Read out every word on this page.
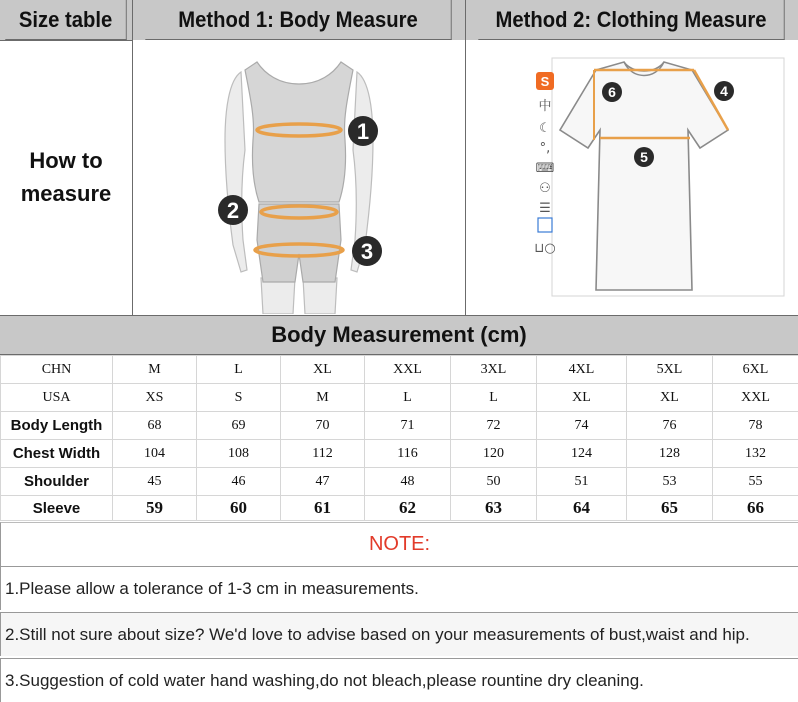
Size table	Method 1: Body Measure	Method 2: Clothing Measure
How to
measure
1
2
3
6	4
5
S
中
☾
°,
⌨
⚇
☰
⊔○
Body Measurement (cm)
CHN	M	L	XL	XXL	3XL	4XL	5XL	6XL
USA	XS	S	M	L	L	XL	XL	XXL
Body Length	68	69	70	71	72	74	76	78
Chest Width	104	108	112	116	120	124	128	132
Shoulder	45	46	47	48	50	51	53	55
Sleeve	59	60	61	62	63	64	65	66
NOTE:
1.Please allow a tolerance of 1-3 cm in measurements.
2.Still not sure about size? We'd love to advise based on your measurements of bust,waist and hip.
3.Suggestion of cold water hand washing,do not bleach,please rountine dry cleaning.
